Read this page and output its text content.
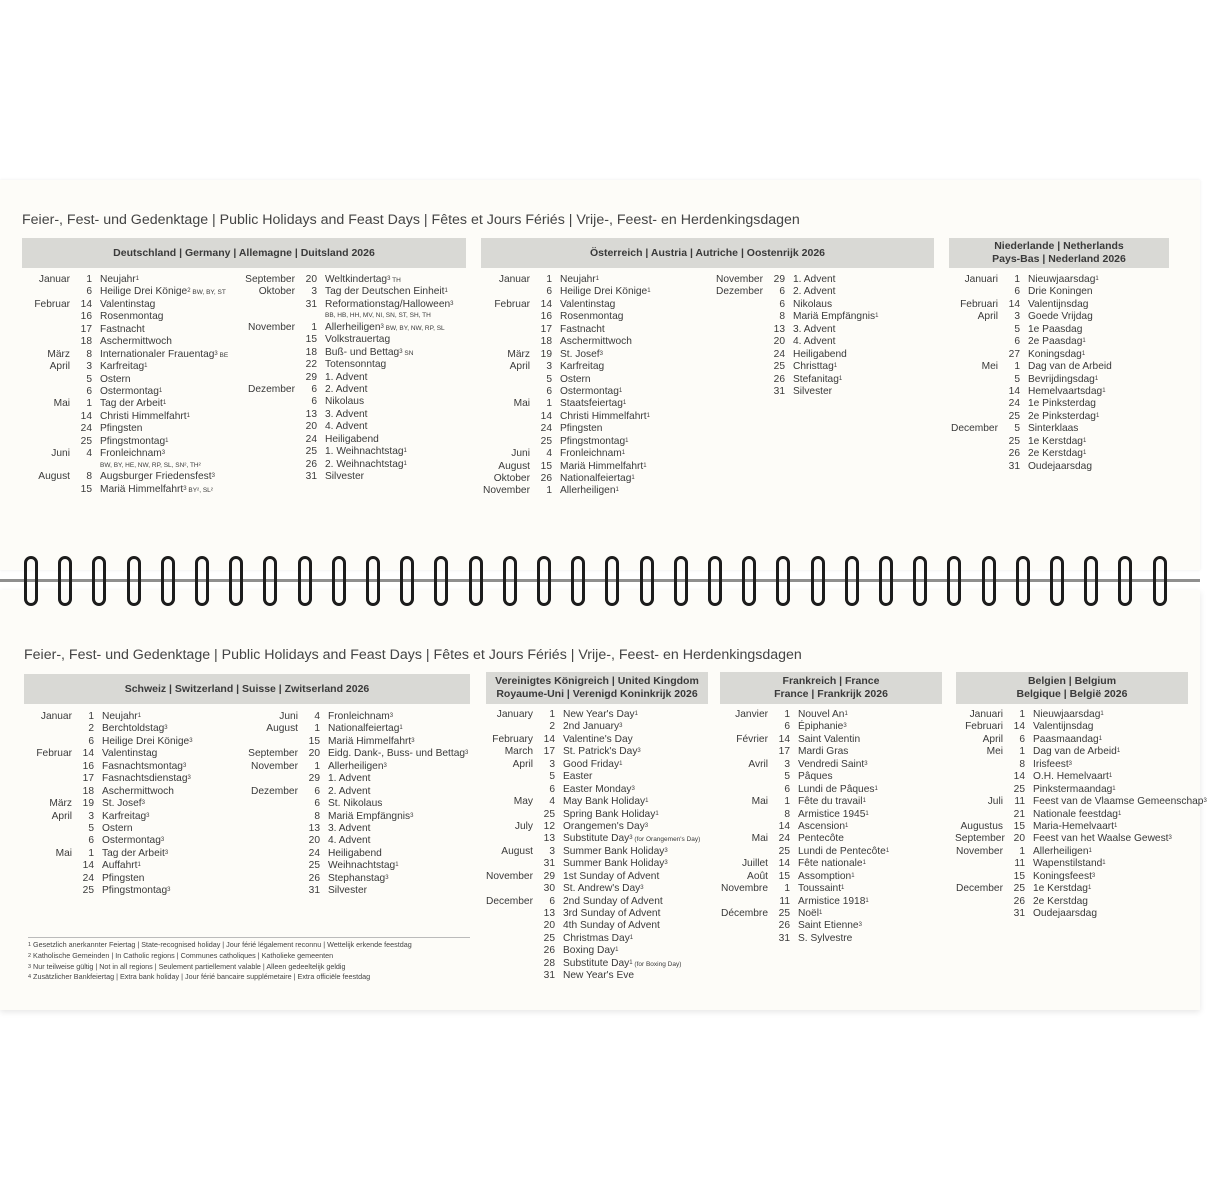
Feier-, Fest- und Gedenktage | Public Holidays and Feast Days | Fêtes et Jours Fériés | Vrije-, Feest- en Herdenkingsdagen
Feier-, Fest- und Gedenktage | Public Holidays and Feast Days | Fêtes et Jours Fériés | Vrije-, Feest- en Herdenkingsdagen
Deutschland | Germany | Allemagne | Duitsland 2026
Januar	1 Neujahr$^1$
6 Heilige Drei Könige$^2$ BW, BY, ST
Februar	14 Valentinstag
16 Rosenmontag
17 Fastnacht
18 Aschermittwoch
März	8 Internationaler Frauentag$^3$ BE
April	3 Karfreitag$^1$
5 Ostern
6 Ostermontag$^1$
Mai	1 Tag der Arbeit$^1$
14 Christi Himmelfahrt$^1$
24 Pfingsten
25 Pfingstmontag$^1$
Juni	4 Fronleichnam$^3$
BW, BY, HE, NW, RP, SL, SN², TH²
August	8 Augsburger Friedensfest$^3$
15 Mariä Himmelfahrt$^3$ BY², SL²
September	20 Weltkindertag$^3$ TH
Oktober	3 Tag der Deutschen Einheit$^1$
31 Reformationstag/Halloween$^3$
BB, HB, HH, MV, NI, SN, ST, SH, TH
November	1 Allerheiligen$^3$ BW, BY, NW, RP, SL
15 Volkstrauertag
18 Buß- und Bettag$^3$ SN
22 Totensonntag
29 1. Advent
Dezember	6 2. Advent
6 Nikolaus
13 3. Advent
20 4. Advent
24 Heiligabend
25 1. Weihnachtstag$^1$
26 2. Weihnachtstag$^1$
31 Silvester
Österreich | Austria | Autriche | Oostenrijk 2026
Januar	1 Neujahr$^1$
6 Heilige Drei Könige$^1$
Februar	14 Valentinstag
16 Rosenmontag
17 Fastnacht
18 Aschermittwoch
März	19 St. Josef$^3$
April	3 Karfreitag
5 Ostern
6 Ostermontag$^1$
Mai	1 Staatsfeiertag$^1$
14 Christi Himmelfahrt$^1$
24 Pfingsten
25 Pfingstmontag$^1$
Juni	4 Fronleichnam$^1$
August	15 Mariä Himmelfahrt$^1$
Oktober	26 Nationalfeiertag$^1$
November	1 Allerheiligen$^1$
November	29 1. Advent
Dezember	6 2. Advent
6 Nikolaus
8 Mariä Empfängnis$^1$
13 3. Advent
20 4. Advent
24 Heiligabend
25 Christtag$^1$
26 Stefanitag$^1$
31 Silvester
Niederlande | Netherlands
Pays-Bas | Nederland 2026
Januari	1 Nieuwjaarsdag$^1$
6 Drie Koningen
Februari	14 Valentijnsdag
April	3 Goede Vrijdag
5 1e Paasdag
6 2e Paasdag$^1$
27 Koningsdag$^1$
Mei	1 Dag van de Arbeid
5 Bevrijdingsdag$^1$
14 Hemelvaartsdag$^1$
24 1e Pinksterdag
25 2e Pinksterdag$^1$
December	5 Sinterklaas
25 1e Kerstdag$^1$
26 2e Kerstdag$^1$
31 Oudejaarsdag
Schweiz | Switzerland | Suisse | Zwitserland 2026
Januar	1 Neujahr$^1$
2 Berchtoldstag$^3$
6 Heilige Drei Könige$^3$
Februar	14 Valentinstag
16 Fasnachtsmontag$^3$
17 Fasnachtsdienstag$^3$
18 Aschermittwoch
März	19 St. Josef$^3$
April	3 Karfreitag$^3$
5 Ostern
6 Ostermontag$^3$
Mai	1 Tag der Arbeit$^3$
14 Auffahrt$^1$
24 Pfingsten
25 Pfingstmontag$^3$
Juni	4 Fronleichnam$^3$
August	1 Nationalfeiertag$^1$
15 Mariä Himmelfahrt$^3$
September	20 Eidg. Dank-, Buss- und Bettag$^3$
November	1 Allerheiligen$^3$
29 1. Advent
Dezember	6 2. Advent
6 St. Nikolaus
8 Mariä Empfängnis$^3$
13 3. Advent
20 4. Advent
24 Heiligabend
25 Weihnachtstag$^1$
26 Stephanstag$^3$
31 Silvester
$^1$ Gesetzlich anerkannter Feiertag | State-recognised holiday | Jour férié légalement reconnu | Wettelijk erkende feestdag
$^2$ Katholische Gemeinden | In Catholic regions | Communes catholiques | Katholieke gemeenten
$^3$ Nur teilweise gültig | Not in all regions | Seulement partiellement valable | Alleen gedeeltelijk geldig
$^4$ Zusätzlicher Bankfeiertag | Extra bank holiday | Jour férié bancaire supplémetaire | Extra officiële feestdag
Vereinigtes Königreich | United Kingdom
Royaume-Uni | Verenigd Koninkrijk 2026
January	1 New Year's Day$^1$
2 2nd January$^3$
February	14 Valentine's Day
March	17 St. Patrick's Day$^3$
April	3 Good Friday$^1$
5 Easter
6 Easter Monday$^3$
May	4 May Bank Holiday$^1$
25 Spring Bank Holiday$^1$
July	12 Orangemen's Day$^3$
13 Substitute Day$^3$ (for Orangemen's Day)
August	3 Summer Bank Holiday$^3$
31 Summer Bank Holiday$^3$
November	29 1st Sunday of Advent
30 St. Andrew's Day$^3$
December	6 2nd Sunday of Advent
13 3rd Sunday of Advent
20 4th Sunday of Advent
25 Christmas Day$^1$
26 Boxing Day$^1$
28 Substitute Day$^1$ (for Boxing Day)
31 New Year's Eve
Frankreich | France
France | Frankrijk 2026
Janvier	1 Nouvel An$^1$
6 Épiphanie$^3$
Février	14 Saint Valentin
17 Mardi Gras
Avril	3 Vendredi Saint$^3$
5 Pâques
6 Lundi de Pâques$^1$
Mai	1 Fête du travail$^1$
8 Armistice 1945$^1$
14 Ascension$^1$
Mai	24 Pentecôte
25 Lundi de Pentecôte$^1$
Juillet	14 Fête nationale$^1$
Août	15 Assomption$^1$
Novembre	1 Toussaint$^1$
11 Armistice 1918$^1$
Décembre	25 Noël$^1$
26 Saint Etienne$^3$
31 S. Sylvestre
Belgien | Belgium
Belgique | België 2026
Januari	1 Nieuwjaarsdag$^1$
Februari	14 Valentijnsdag
April	6 Paasmaandag$^1$
Mei	1 Dag van de Arbeid$^1$
8 Irisfeest$^3$
14 O.H. Hemelvaart$^1$
25 Pinkstermaandag$^1$
Juli	11 Feest van de Vlaamse Gemeenschap$^3$
21 Nationale feestdag$^1$
Augustus	15 Maria-Hemelvaart$^1$
September 20 Feest van het Waalse Gewest$^3$
November	1 Allerheiligen$^1$
11 Wapenstilstand$^1$
15 Koningsfeest$^3$
December	25 1e Kerstdag$^1$
26 2e Kerstdag
31 Oudejaarsdag
